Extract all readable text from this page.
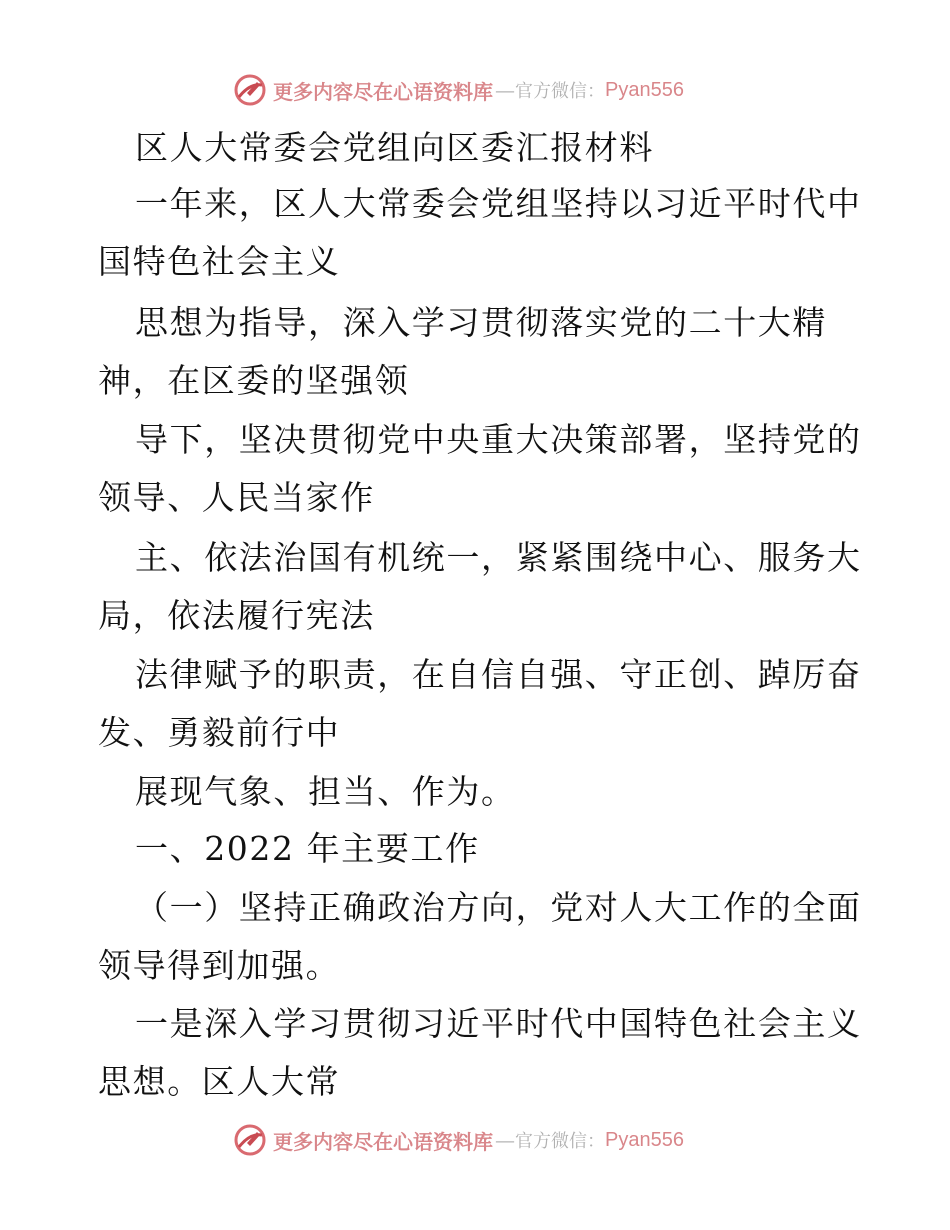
更多内容尽在心语资料库 — 官方微信： Pyan556
区人大常委会党组向区委汇报材料
一年来，区人大常委会党组坚持以习近平时代中
国特色社会主义
思想为指导，深入学习贯彻落实党的二十大精
神，在区委的坚强领
导下，坚决贯彻党中央重大决策部署，坚持党的
领导、人民当家作
主、依法治国有机统一，紧紧围绕中心、服务大
局，依法履行宪法
法律赋予的职责，在自信自强、守正创、踔厉奋
发、勇毅前行中
展现气象、担当、作为。
一、2022 年主要工作
（一）坚持正确政治方向，党对人大工作的全面
领导得到加强。
一是深入学习贯彻习近平时代中国特色社会主义
思想。区人大常
更多内容尽在心语资料库 — 官方微信： Pyan556
